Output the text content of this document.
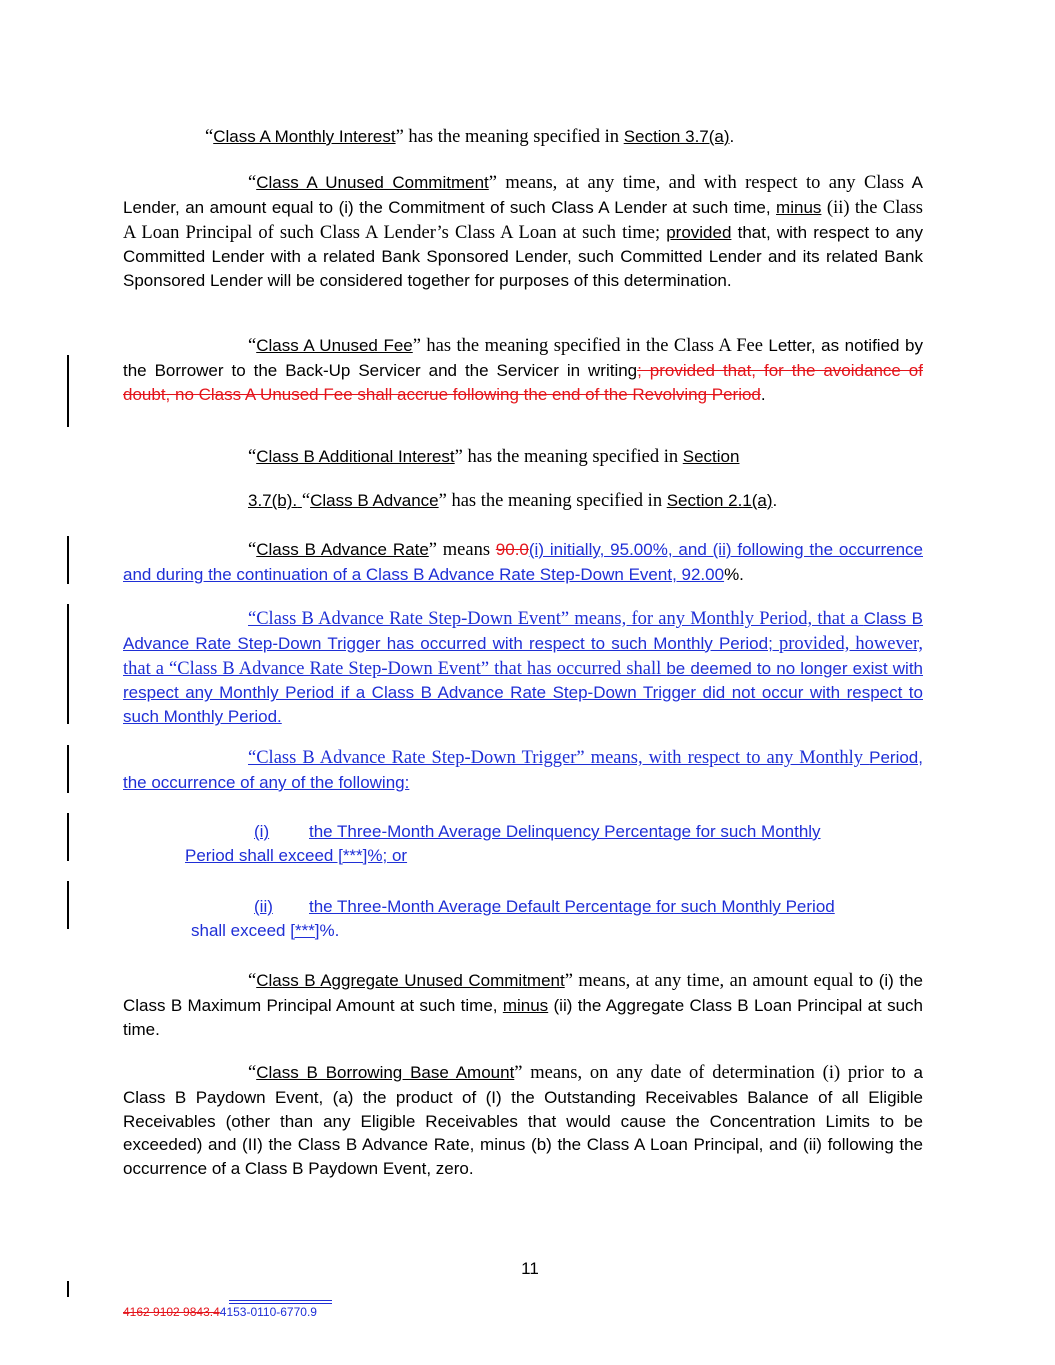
“Class A Monthly Interest” has the meaning specified in Section 3.7(a).
“Class A Unused Commitment” means, at any time, and with respect to any Class A Lender, an amount equal to (i) the Commitment of such Class A Lender at such time, minus (ii) the Class A Loan Principal of such Class A Lender’s Class A Loan at such time; provided that, with respect to any Committed Lender with a related Bank Sponsored Lender, such Committed Lender and its related Bank Sponsored Lender will be considered together for purposes of this determination.
“Class A Unused Fee” has the meaning specified in the Class A Fee Letter, as notified by the Borrower to the Back-Up Servicer and the Servicer in writing; provided that, for the avoidance of doubt, no Class A Unused Fee shall accrue following the end of the Revolving Period.
“Class B Additional Interest” has the meaning specified in Section
3.7(b). “Class B Advance” has the meaning specified in Section 2.1(a).
“Class B Advance Rate” means 90.0(i) initially, 95.00%, and (ii) following the occurrence and during the continuation of a Class B Advance Rate Step-Down Event, 92.00%.
“Class B Advance Rate Step-Down Event” means, for any Monthly Period, that a Class B Advance Rate Step-Down Trigger has occurred with respect to such Monthly Period; provided, however, that a “Class B Advance Rate Step-Down Event” that has occurred shall be deemed to no longer exist with respect any Monthly Period if a Class B Advance Rate Step-Down Trigger did not occur with respect to such Monthly Period.
“Class B Advance Rate Step-Down Trigger” means, with respect to any Monthly Period, the occurrence of any of the following:
(i) the Three-Month Average Delinquency Percentage for such Monthly
Period shall exceed [***]%; or
(ii) the Three-Month Average Default Percentage for such Monthly Period
shall exceed [***]%.
“Class B Aggregate Unused Commitment” means, at any time, an amount equal to (i) the Class B Maximum Principal Amount at such time, minus (ii) the Aggregate Class B Loan Principal at such time.
“Class B Borrowing Base Amount” means, on any date of determination (i) prior to a Class B Paydown Event, (a) the product of (I) the Outstanding Receivables Balance of all Eligible Receivables (other than any Eligible Receivables that would cause the Concentration Limits to be exceeded) and (II) the Class B Advance Rate, minus (b) the Class A Loan Principal, and (ii) following the occurrence of a Class B Paydown Event, zero.
11
4162 9102 9843.44153-0110-6770.9
